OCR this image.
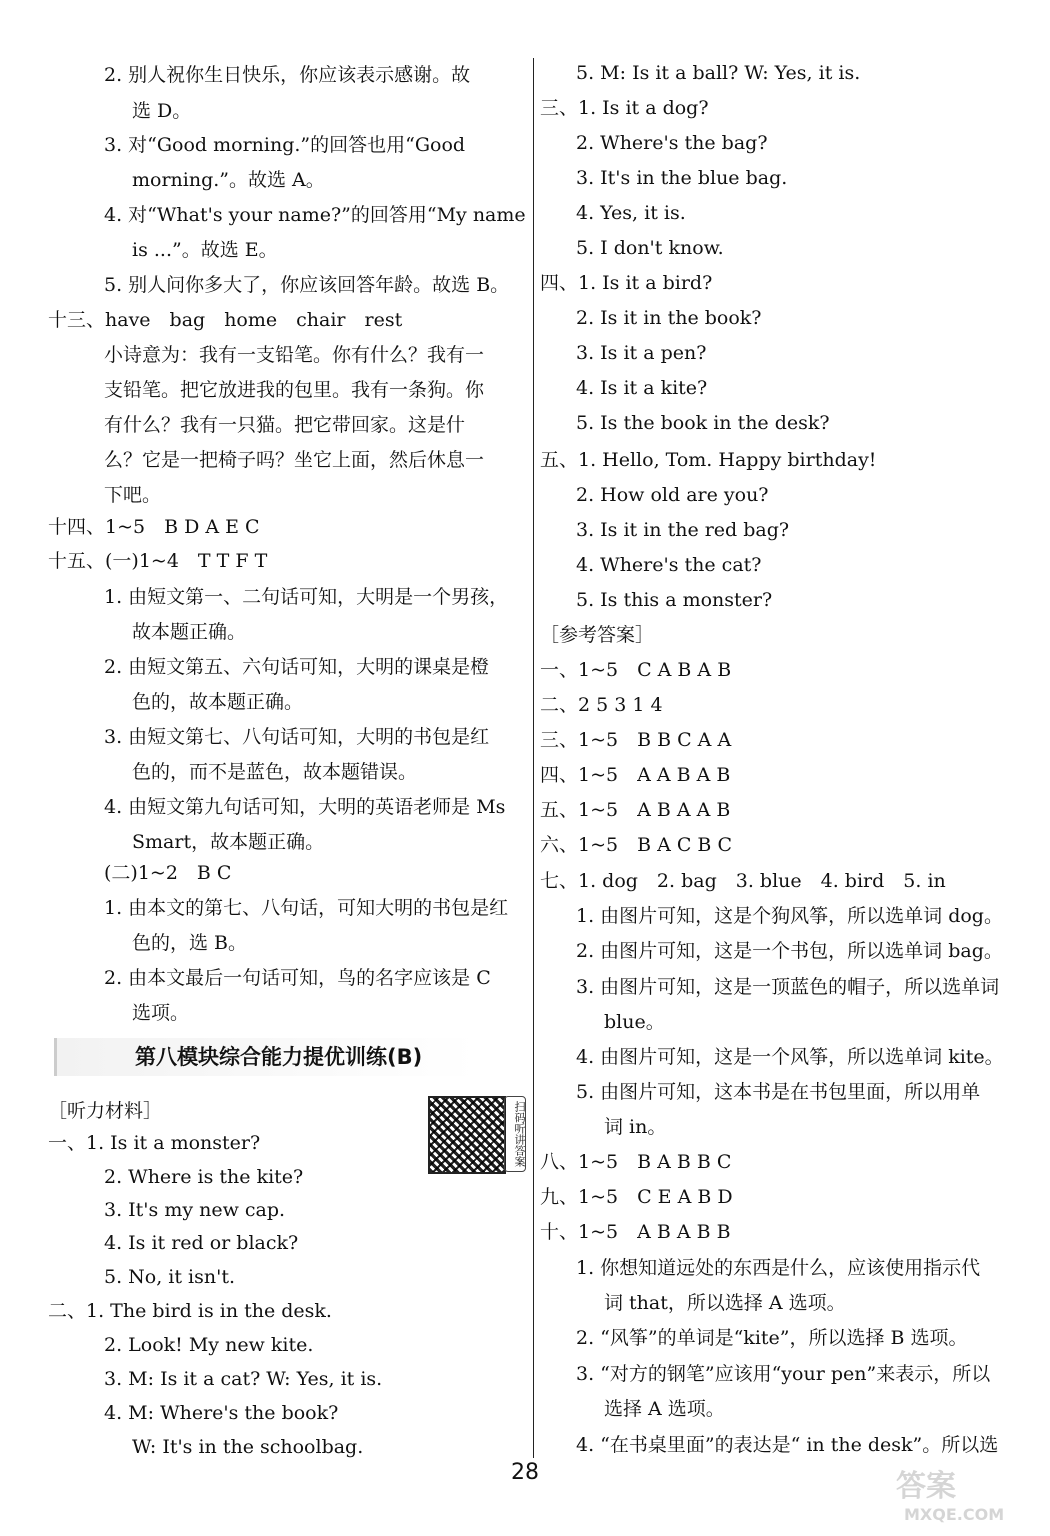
2. 别人祝你生日快乐，你应该表示感谢。故
选 D。
3. 对“Good morning.”的回答也用“Good
morning.”。故选 A。
4. 对“What's your name?”的回答用“My name
is ...”。故选 E。
5. 别人问你多大了，你应该回答年龄。故选 B。
十三、have　bag　home　chair　rest
小诗意为：我有一支铅笔。你有什么？我有一
支铅笔。把它放进我的包里。我有一条狗。你
有什么？我有一只猫。把它带回家。这是什
么？它是一把椅子吗？坐它上面，然后休息一
下吧。
十四、1~5　B D A E C
十五、(一)1~4　T T F T
1. 由短文第一、二句话可知，大明是一个男孩，
故本题正确。
2. 由短文第五、六句话可知，大明的课桌是橙
色的，故本题正确。
3. 由短文第七、八句话可知，大明的书包是红
色的，而不是蓝色，故本题错误。
4. 由短文第九句话可知，大明的英语老师是 Ms
Smart，故本题正确。
(二)1~2　B C
1. 由本文的第七、八句话，可知大明的书包是红
色的，选 B。
2. 由本文最后一句话可知，鸟的名字应该是 C
选项。
［听力材料］
一、1. Is it a monster?
2. Where is the kite?
3. It's my new cap.
4. Is it red or black?
5. No, it isn't.
二、1. The bird is in the desk.
2. Look! My new kite.
3. M: Is it a cat? W: Yes, it is.
4. M: Where's the book?
W: It's in the schoolbag.
第八模块综合能力提优训练(B)
扫码听讲答案
5. M: Is it a ball? W: Yes, it is.
三、1. Is it a dog?
2. Where's the bag?
3. It's in the blue bag.
4. Yes, it is.
5. I don't know.
四、1. Is it a bird?
2. Is it in the book?
3. Is it a pen?
4. Is it a kite?
5. Is the book in the desk?
五、1. Hello, Tom. Happy birthday!
2. How old are you?
3. Is it in the red bag?
4. Where's the cat?
5. Is this a monster?
［参考答案］
一、1~5　C A B A B
二、2 5 3 1 4
三、1~5　B B C A A
四、1~5　A A B A B
五、1~5　A B A A B
六、1~5　B A C B C
七、1. dog　2. bag　3. blue　4. bird　5. in
1. 由图片可知，这是个狗风筝，所以选单词 dog。
2. 由图片可知，这是一个书包，所以选单词 bag。
3. 由图片可知，这是一顶蓝色的帽子，所以选单词
blue。
4. 由图片可知，这是一个风筝，所以选单词 kite。
5. 由图片可知，这本书是在书包里面，所以用单
词 in。
八、1~5　B A B B C
九、1~5　C E A B D
十、1~5　A B A B B
1. 你想知道远处的东西是什么，应该使用指示代
词 that，所以选择 A 选项。
2. “风筝”的单词是“kite”，所以选择 B 选项。
3. “对方的钢笔”应该用“your pen”来表示，所以
选择 A 选项。
4. “在书桌里面”的表达是“ in the desk”。所以选
28	答案
MXQE.COM
